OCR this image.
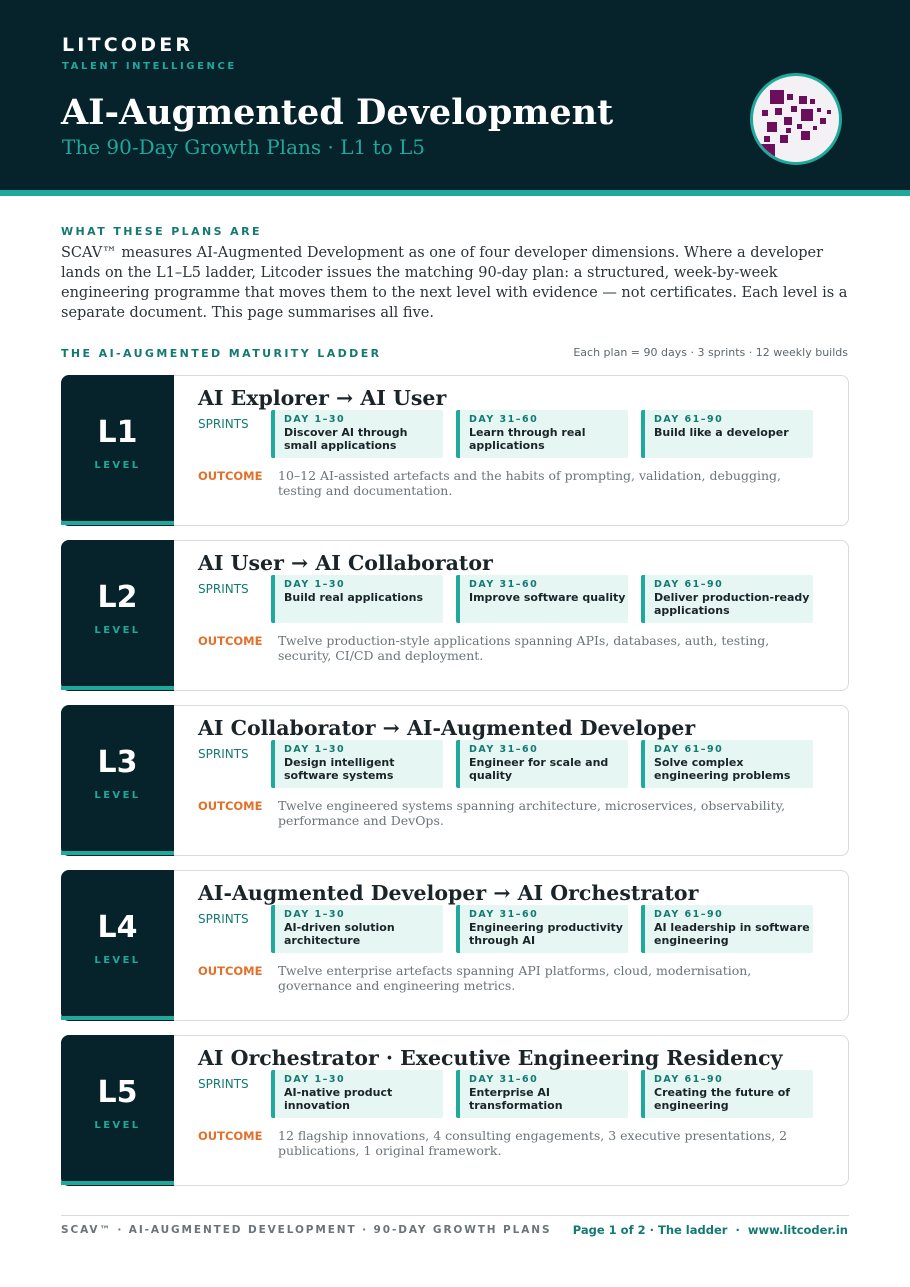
LITCODER
TALENT INTELLIGENCE
AI-Augmented Development
The 90-Day Growth Plans · L1 to L5
WHAT THESE PLANS ARE
SCAV™ measures AI-Augmented Development as one of four developer dimensions. Where a developer lands on the L1–L5 ladder, Litcoder issues the matching 90-day plan: a structured, week-by-week engineering programme that moves them to the next level with evidence — not certificates. Each level is a separate document. This page summarises all five.
THE AI-AUGMENTED MATURITY LADDER	Each plan = 90 days · 3 sprints · 12 weekly builds
L1
LEVEL
AI Explorer → AI User
SPRINTS	DAY 1–30
Discover AI through small applications
DAY 31–60
Learn through real applications
DAY 61–90
Build like a developer
OUTCOME 10–12 AI-assisted artefacts and the habits of prompting, validation, debugging, testing and documentation.
L2
LEVEL
AI User → AI Collaborator
SPRINTS	DAY 1–30
Build real applications
DAY 31–60
Improve software quality
DAY 61–90
Deliver production-ready applications
OUTCOME Twelve production-style applications spanning APIs, databases, auth, testing, security, CI/CD and deployment.
L3
LEVEL
AI Collaborator → AI-Augmented Developer
SPRINTS	DAY 1–30
Design intelligent software systems
DAY 31–60
Engineer for scale and quality
DAY 61–90
Solve complex engineering problems
OUTCOME Twelve engineered systems spanning architecture, microservices, observability, performance and DevOps.
L4
LEVEL
AI-Augmented Developer → AI Orchestrator
SPRINTS	DAY 1–30
AI-driven solution architecture
DAY 31–60
Engineering productivity through AI
DAY 61–90
AI leadership in software engineering
OUTCOME Twelve enterprise artefacts spanning API platforms, cloud, modernisation, governance and engineering metrics.
L5
LEVEL
AI Orchestrator · Executive Engineering Residency
SPRINTS	DAY 1–30
AI-native product innovation
DAY 31–60
Enterprise AI transformation
DAY 61–90
Creating the future of engineering
OUTCOME 12 flagship innovations, 4 consulting engagements, 3 executive presentations, 2 publications, 1 original framework.
SCAV™ · AI-AUGMENTED DEVELOPMENT · 90-DAY GROWTH PLANS Page 1 of 2 · The ladder · www.litcoder.in
